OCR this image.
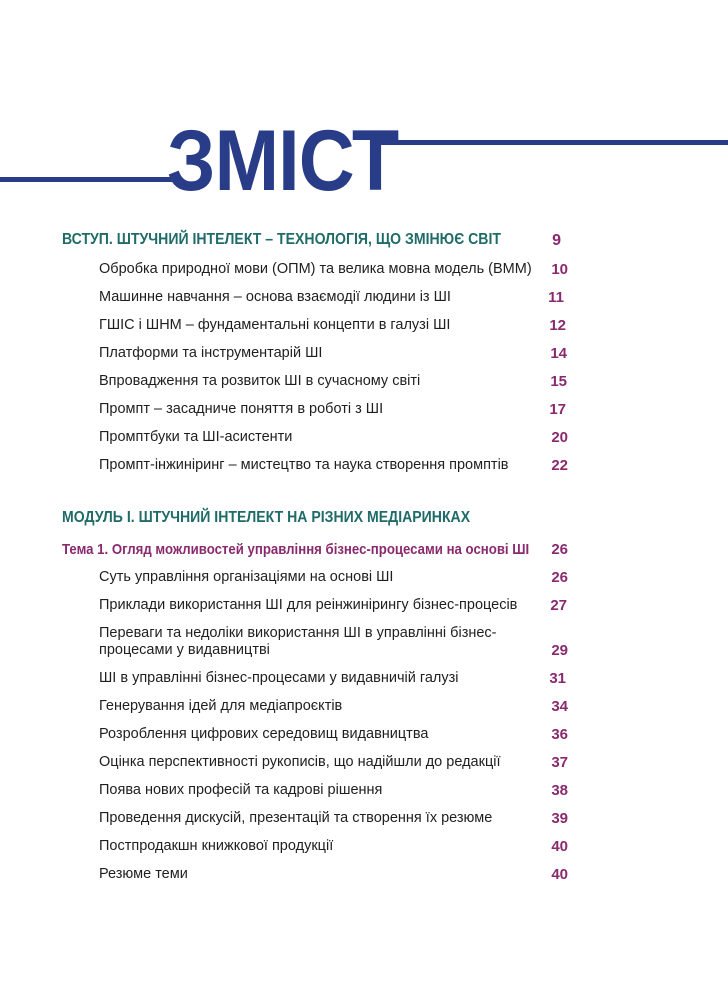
ЗМІСТ
ВСТУП. ШТУЧНИЙ ІНТЕЛЕКТ – ТЕХНОЛОГІЯ, ЩО ЗМІНЮЄ СВІТ	9
Обробка природної мови (ОПМ) та велика мовна модель (ВММ)	10
Машинне навчання – основа взаємодії людини із ШІ	11
ГШІС і ШНМ – фундаментальні концепти в галузі ШІ	12
Платформи та інструментарій ШІ	14
Впровадження та розвиток ШІ в сучасному світі	15
Промпт – засадниче поняття в роботі з ШІ	17
Промптбуки та ШІ-асистенти	20
Промпт-інжиніринг – мистецтво та наука створення промптів	22
МОДУЛЬ І. ШТУЧНИЙ ІНТЕЛЕКТ НА РІЗНИХ МЕДІАРИНКАХ
Тема 1. Огляд можливостей управління бізнес-процесами на основі ШІ	26
Суть управління організаціями на основі ШІ	26
Приклади використання ШІ для реінжинірингу бізнес-процесів	27
Переваги та недоліки використання ШІ в управлінні бізнес-процесами у видавництві	29
ШІ в управлінні бізнес-процесами у видавничій галузі	31
Генерування ідей для медіапроєктів	34
Розроблення цифрових середовищ видавництва	36
Оцінка перспективності рукописів, що надійшли до редакції	37
Поява нових професій та кадрові рішення	38
Проведення дискусій, презентацій та створення їх резюме	39
Постпродакшн книжкової продукції	40
Резюме теми	40
